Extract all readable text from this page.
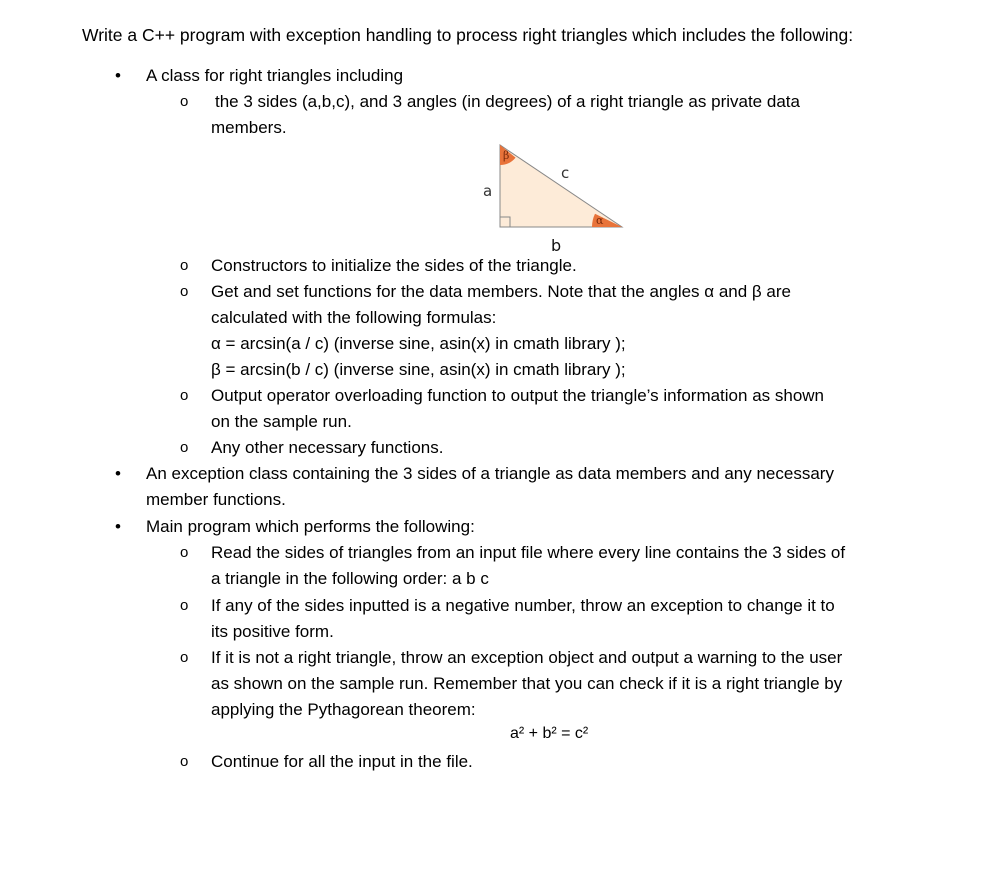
Write a C++ program with exception handling to process right triangles which includes the following:
• A class for right triangles including
o the 3 sides (a,b,c), and 3 angles (in degrees) of a right triangle as private data
members.
β
α
a
c
b
o Constructors to initialize the sides of the triangle.
o Get and set functions for the data members. Note that the angles α and β are
calculated with the following formulas:
α = arcsin(a / c) (inverse sine, asin(x) in cmath library );
β = arcsin(b / c) (inverse sine, asin(x) in cmath library );
o Output operator overloading function to output the triangle’s information as shown
on the sample run.
o Any other necessary functions.
• An exception class containing the 3 sides of a triangle as data members and any necessary
member functions.
• Main program which performs the following:
o Read the sides of triangles from an input file where every line contains the 3 sides of
a triangle in the following order: a b c
o If any of the sides inputted is a negative number, throw an exception to change it to
its positive form.
o If it is not a right triangle, throw an exception object and output a warning to the user
as shown on the sample run. Remember that you can check if it is a right triangle by
applying the Pythagorean theorem:
a² + b² = c²
o Continue for all the input in the file.
